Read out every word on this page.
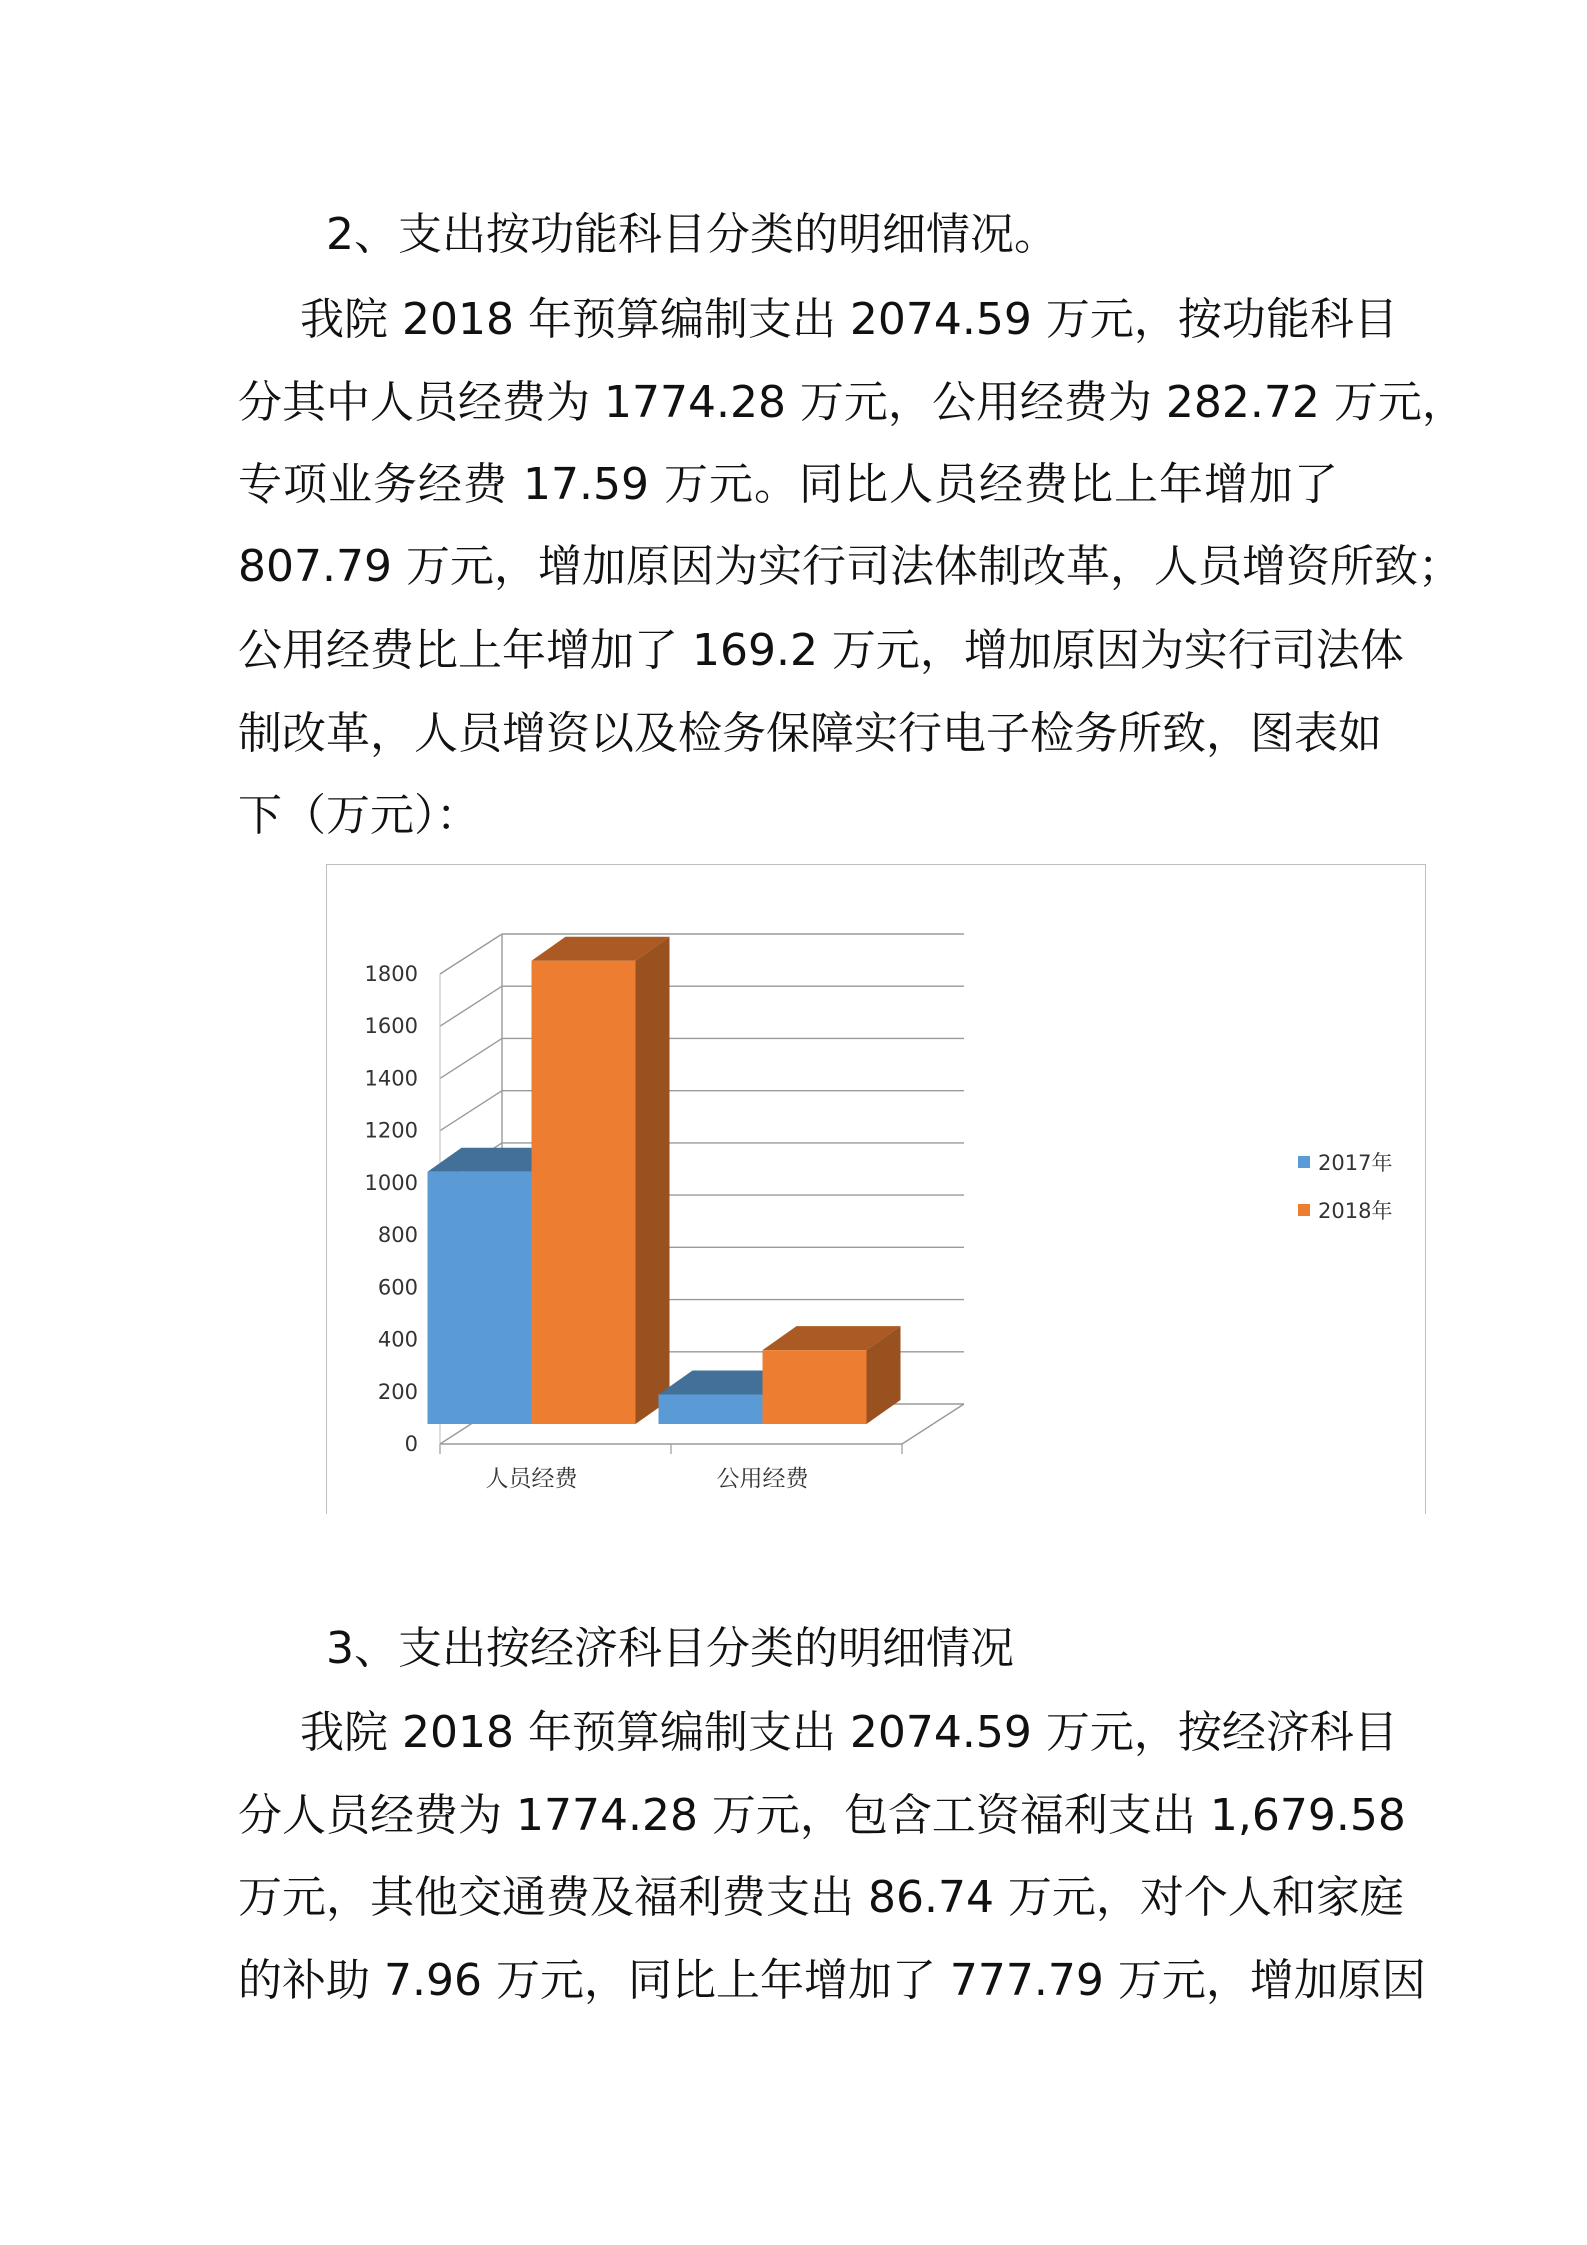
2、支出按功能科目分类的明细情况。
我院 2018 年预算编制支出 2074.59 万元，按功能科目
分其中人员经费为 1774.28 万元，公用经费为 282.72 万元，
专项业务经费 17.59 万元。同比人员经费比上年增加了
807.79 万元，增加原因为实行司法体制改革，人员增资所致；
公用经费比上年增加了 169.2 万元，增加原因为实行司法体
制改革，人员增资以及检务保障实行电子检务所致，图表如
下（万元）：
0
200
400
600
800
1000
1200
1400
1600
1800
人员经费	公用经费
2017年
2018年
3、支出按经济科目分类的明细情况
我院 2018 年预算编制支出 2074.59 万元，按经济科目
分人员经费为 1774.28 万元，包含工资福利支出 1,679.58
万元，其他交通费及福利费支出 86.74 万元，对个人和家庭
的补助 7.96 万元，同比上年增加了 777.79 万元，增加原因
